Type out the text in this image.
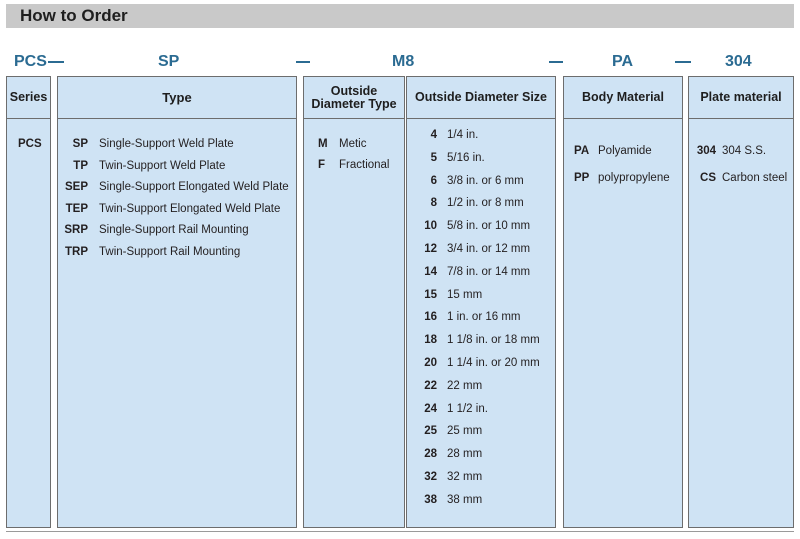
How to Order
PCS	SP	M8	PA	304
Series
PCS
Type
SP Single-Support Weld Plate
TP Twin-Support Weld Plate
SEP Single-Support Elongated Weld Plate
TEP Twin-Support Elongated Weld Plate
SRP Single-Support Rail Mounting
TRP Twin-Support Rail Mounting
Outside
Diameter Type
M Metic
F Fractional
Outside Diameter Size
4 1/4 in.
5 5/16 in.
6 3/8 in. or 6 mm
8 1/2 in. or 8 mm
10 5/8 in. or 10 mm
12 3/4 in. or 12 mm
14 7/8 in. or 14 mm
15 15 mm
16 1 in. or 16 mm
18 1 1/8 in. or 18 mm
20 1 1/4 in. or 20 mm
22 22 mm
24 1 1/2 in.
25 25 mm
28 28 mm
32 32 mm
38 38 mm
Body Material
PA Polyamide
PP polypropylene
Plate material
304 304 S.S.
CS Carbon steel
